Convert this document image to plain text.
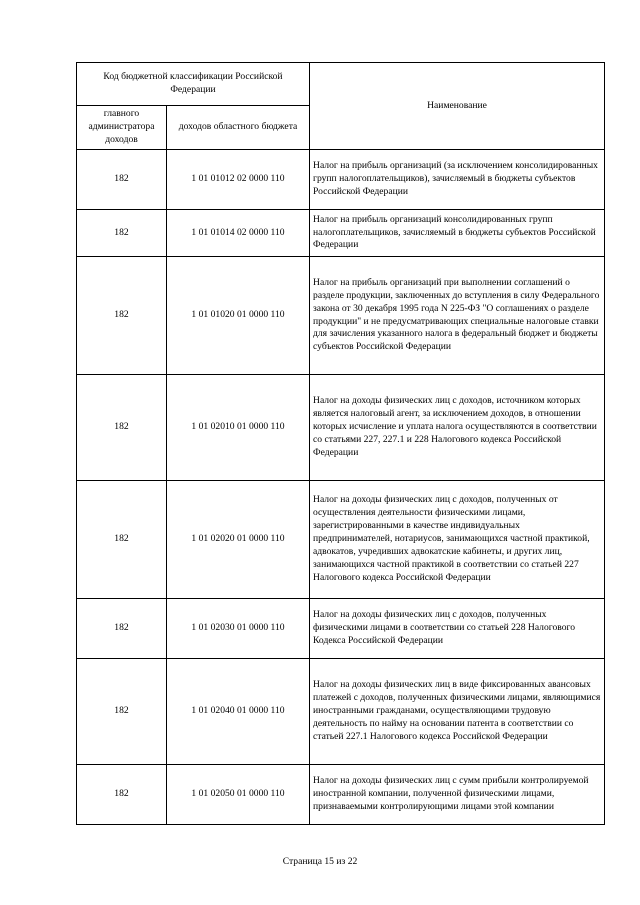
Код бюджетной классификации Российской Федерации		Наименование
главного администратора доходов	доходов областного бюджета	
182	1 01 01012 02 0000 110	Налог на прибыль организаций (за исключением консолидированных групп налогоплательщиков), зачисляемый в бюджеты субъектов Российской Федерации
182	1 01 01014 02 0000 110	Налог на прибыль организаций консолидированных групп налогоплательщиков, зачисляемый в бюджеты субъектов Российской Федерации
182	1 01 01020 01 0000 110	Налог на прибыль организаций при выполнении соглашений о разделе продукции, заключенных до вступления в силу Федерального закона от 30 декабря 1995 года N 225-ФЗ "О соглашениях о разделе продукции" и не предусматривающих специальные налоговые ставки для зачисления указанного налога в федеральный бюджет и бюджеты субъектов Российской Федерации
182	1 01 02010 01 0000 110	Налог на доходы физических лиц с доходов, источником которых является налоговый агент, за исключением доходов, в отношении которых исчисление и уплата налога осуществляются в соответствии со статьями 227, 227.1 и 228 Налогового кодекса Российской Федерации
182	1 01 02020 01 0000 110	Налог на доходы физических лиц с доходов, полученных от осуществления деятельности физическими лицами, зарегистрированными в качестве индивидуальных предпринимателей, нотариусов, занимающихся частной практикой, адвокатов, учредивших адвокатские кабинеты, и других лиц, занимающихся частной практикой в соответствии со статьей 227 Налогового кодекса Российской Федерации
182	1 01 02030 01 0000 110	Налог на доходы физических лиц с доходов, полученных физическими лицами в соответствии со статьей 228 Налогового Кодекса Российской Федерации
182	1 01 02040 01 0000 110	Налог на доходы физических лиц в виде фиксированных авансовых платежей с доходов, полученных физическими лицами, являющимися иностранными гражданами, осуществляющими трудовую деятельность по найму на основании патента в соответствии со статьей 227.1 Налогового кодекса Российской Федерации
182	1 01 02050 01 0000 110	Налог на доходы физических лиц с сумм прибыли контролируемой иностранной компании, полученной физическими лицами, признаваемыми контролирующими лицами этой компании
Страница 15 из 22
